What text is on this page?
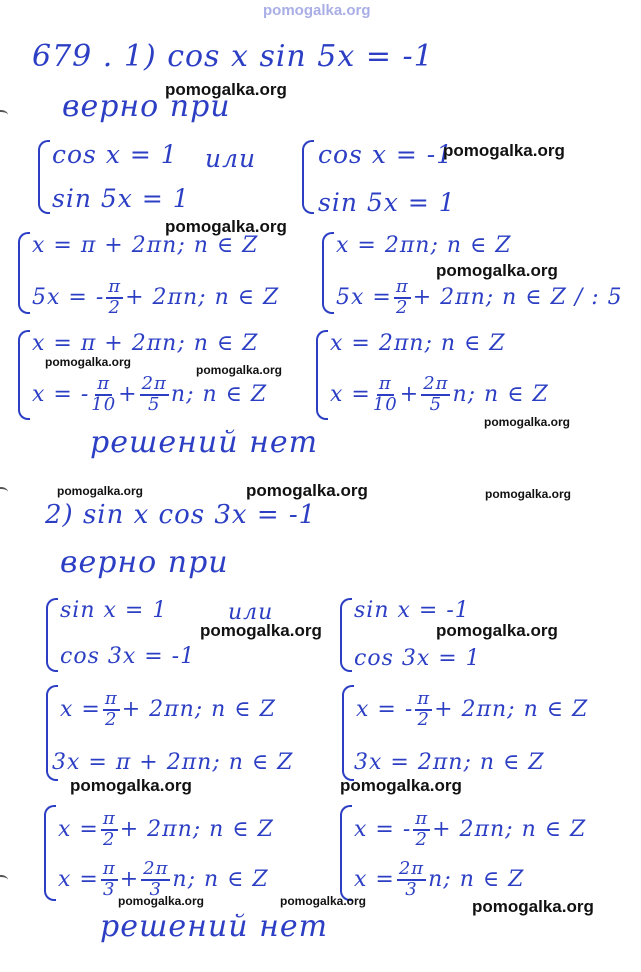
pomogalka.org
679 . 1) cos x sin 5x = -1
верно при
cos x = 1
sin 5x = 1
или cos x = -1
sin 5x = 1
x = π + 2πn; n ∈ Z
5x = - $\frac{\pi}{2} + 2\pi n$; n ∈ Z
x = 2πn; n ∈ Z
$5x = \frac{\pi}{2} + 2\pi n$; n ∈ Z / : 5
x = π + 2πn; n ∈ Z
x = - $\frac{\pi}{10} + \frac{2\pi}{5} n$; n ∈ Z
x = 2πn; n ∈ Z
$x = \frac{\pi}{10} + \frac{2\pi}{5} n$; n ∈ Z
решений нет
2) sin x cos 3x = -1
верно при
sin x = 1
cos 3x = -1
или	sin x = -1
cos 3x = 1
$x = \frac{\pi}{2} + 2\pi n$; n ∈ Z
3x = π + 2πn; n ∈ Z
x = - $\frac{\pi}{2} + 2\pi n$; n ∈ Z
3x = 2πn; n ∈ Z
$x = \frac{\pi}{2} + 2\pi n$; n ∈ Z
$x = \frac{\pi}{3} + \frac{2\pi}{3} n$; n ∈ Z
x = - $\frac{\pi}{2} + 2\pi n$; n ∈ Z
$x = \frac{2\pi}{3} n$; n ∈ Z
решений нет
pomogalka.org
pomogalka.org
pomogalka.org
pomogalka.org
pomogalka.org
pomogalka.org
pomogalka.org
pomogalka.org	pomogalka.org	pomogalka.org
pomogalka.org	pomogalka.org
pomogalka.org	pomogalka.org
pomogalka.org	pomogalka.org	pomogalka.org
